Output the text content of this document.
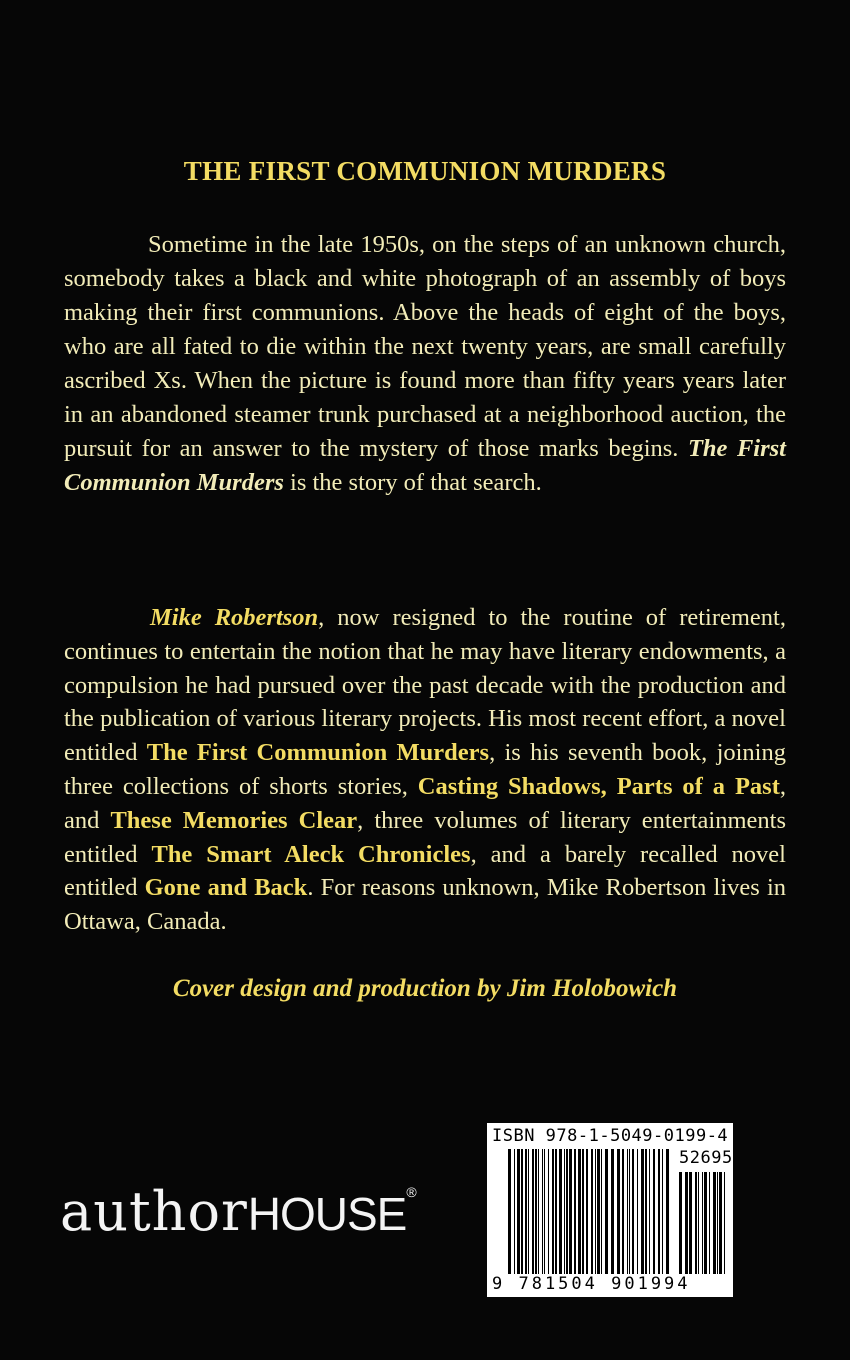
THE FIRST COMMUNION MURDERS

Sometime in the late 1950s, on the steps of an unknown church, somebody takes a black and white photograph of an assembly of boys making their first communions. Above the heads of eight of the boys, who are all fated to die within the next twenty years, are small carefully ascribed Xs. When the picture is found more than fifty years years later in an abandoned steamer trunk purchased at a neighborhood auction, the pursuit for an answer to the mystery of those marks begins. The First Communion Murders is the story of that search.

Mike Robertson, now resigned to the routine of retirement, continues to entertain the notion that he may have literary endowments, a compulsion he had pursued over the past decade with the production and the publication of various literary projects. His most recent effort, a novel entitled The First Communion Murders, is his seventh book, joining three collections of shorts stories, Casting Shadows, Parts of a Past, and These Memories Clear, three volumes of literary entertainments entitled The Smart Aleck Chronicles, and a barely recalled novel entitled Gone and Back. For reasons unknown, Mike Robertson lives in Ottawa, Canada.

Cover design and production by Jim Holobowich
authorHOUSE®
ISBN 978-1-5049-0199-4
52695
9 781504 901994
